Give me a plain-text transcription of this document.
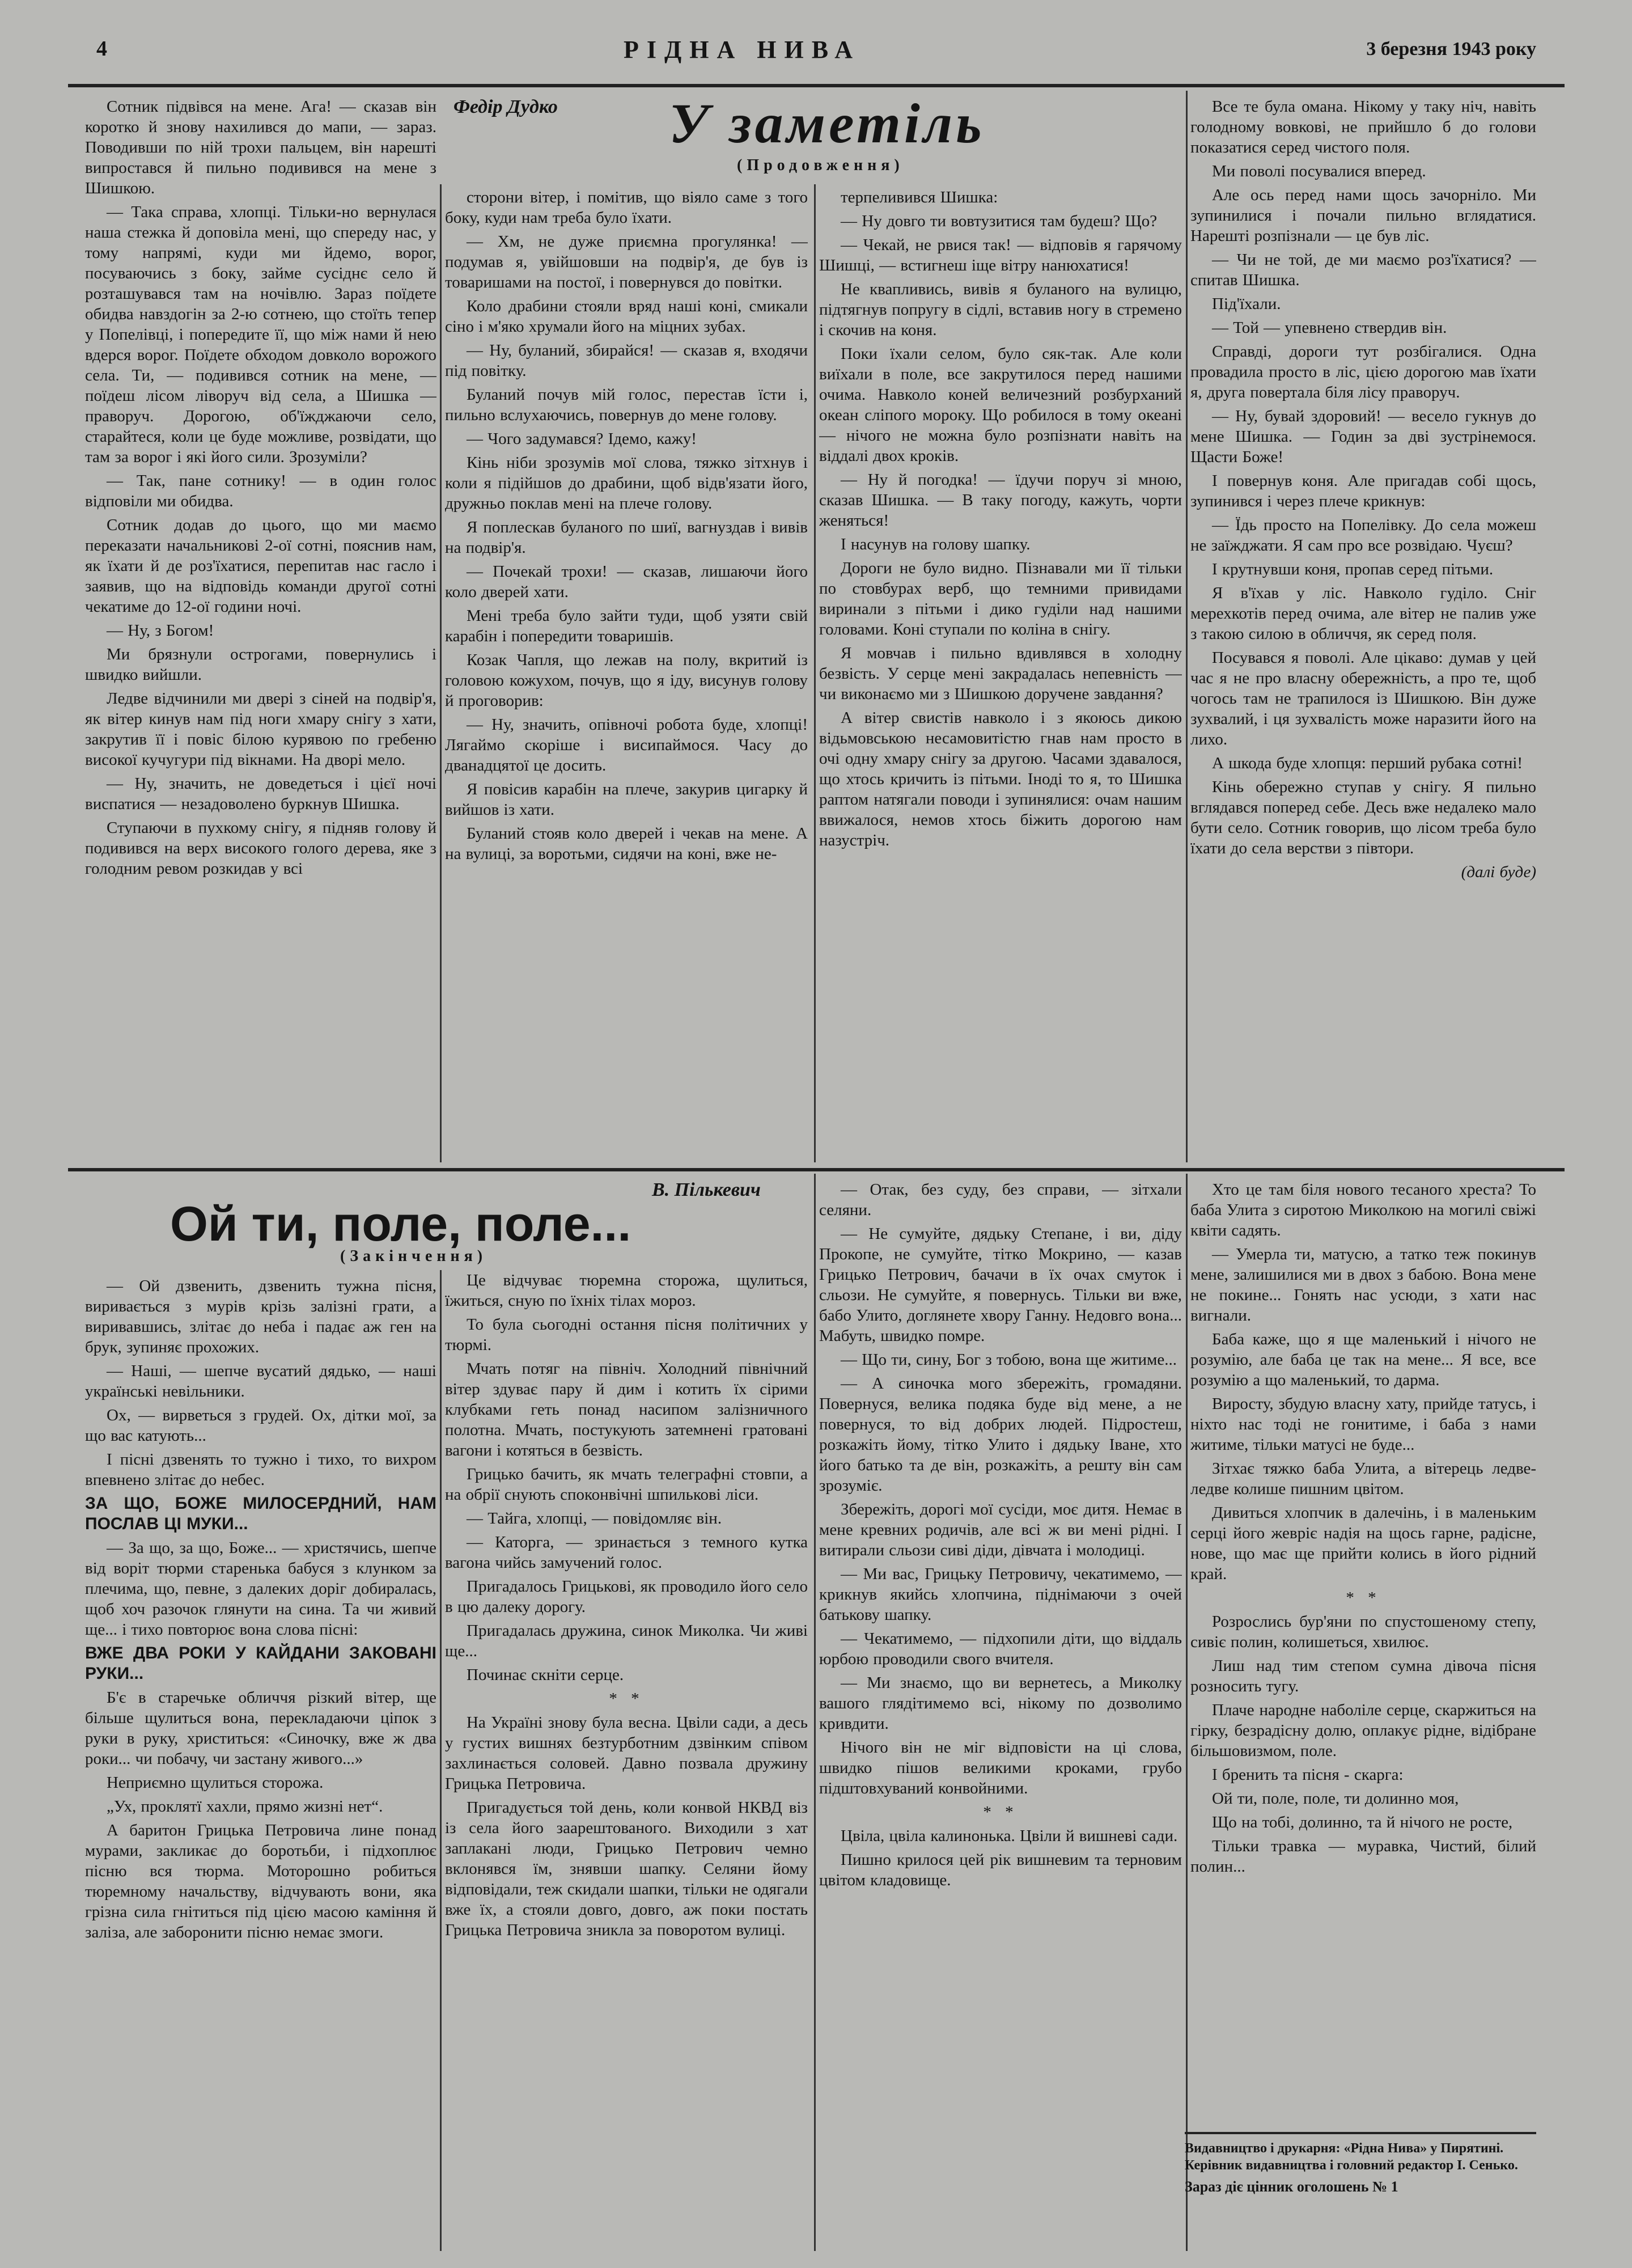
4	РІДНА НИВА	3 березня 1943 року
Федір Дудко У заметіль
(Продовження)

Сотник підвівся на мене. Ага! — сказав він коротко й знову нахилився до мапи, — зараз. Поводивши по ній трохи пальцем, він нарешті випростався й пильно подивився на мене з Шишкою.

— Така справа, хлопці. Тільки-но вернулася наша стежка й доповіла мені, що спереду нас, у тому напрямі, куди ми йдемо, ворог, посуваючись з боку, займе сусіднє село й розташувався там на ночівлю. Зараз поїдете обидва навздогін за 2-ю сотнею, що стоїть тепер у Попелівці, і попередите її, що між нами й нею вдерся ворог. Поїдете обходом довколо ворожого села. Ти, — подивився сотник на мене, — поїдеш лісом ліворуч від села, а Шишка — праворуч. Дорогою, об'їжджаючи село, старайтеся, коли це буде можливе, розвідати, що там за ворог і які його сили. Зрозуміли?

— Так, пане сотнику! — в один голос відповіли ми обидва.

Сотник додав до цього, що ми маємо переказати начальникові 2-ої сотні, пояснив нам, як їхати й де роз'їхатися, перепитав нас гасло і заявив, що на відповідь команди другої сотні чекатиме до 12-ої години ночі.

— Ну, з Богом!

Ми брязнули острогами, повернулись і швидко вийшли.

Ледве відчинили ми двері з сіней на подвір'я, як вітер кинув нам під ноги хмару снігу з хати, закрутив її і повіс білою курявою по гребеню високої кучугури під вікнами. На дворі мело.

— Ну, значить, не доведеться і цієї ночі виспатися — незадоволено буркнув Шишка.

Ступаючи в пухкому снігу, я підняв голову й подивився на верх високого голого дерева, яке з голодним ревом розкидав у всі

сторони вітер, і помітив, що віяло саме з того боку, куди нам треба було їхати.

— Хм, не дуже приємна прогулянка! — подумав я, увійшовши на подвір'я, де був із товаришами на постої, і повернувся до повітки.

Коло драбини стояли вряд наші коні, смикали сіно і м'яко хрумали його на міцних зубах.

— Ну, буланий, збирайся! — сказав я, входячи під повітку.

Буланий почув мій голос, перестав їсти і, пильно вслухаючись, повернув до мене голову.

— Чого задумався? Ідемо, кажу!

Кінь ніби зрозумів мої слова, тяжко зітхнув і коли я підійшов до драбини, щоб відв'язати його, дружньо поклав мені на плече голову.

Я поплескав буланого по шиї, вагнуздав і вивів на подвір'я.

— Почекай трохи! — сказав, лишаючи його коло дверей хати.

Мені треба було зайти туди, щоб узяти свій карабін і попередити товаришів.

Козак Чапля, що лежав на полу, вкритий із головою кожухом, почув, що я іду, висунув голову й проговорив:

— Ну, значить, опівночі робота буде, хлопці! Лягаймо скоріше і висипаймося. Часу до дванадцятої це досить.

Я повісив карабін на плече, закурив цигарку й вийшов із хати.

Буланий стояв коло дверей і чекав на мене. А на вулиці, за воротьми, сидячи на коні, вже не-

терпеливився Шишка:

— Ну довго ти вовтузитися там будеш? Що?

— Чекай, не рвися так! — відповів я гарячому Шишці, — встигнеш іще вітру нанюхатися!

Не квапливись, вивів я буланого на вулицю, підтягнув попругу в сідлі, вставив ногу в стремено і скочив на коня.

Поки їхали селом, було сяк-так. Але коли виїхали в поле, все закрутилося перед нашими очима. Навколо коней величезний розбурханий океан сліпого мороку. Що робилося в тому океані — нічого не можна було розпізнати навіть на віддалі двох кроків.

— Ну й погодка! — їдучи поруч зі мною, сказав Шишка. — В таку погоду, кажуть, чорти женяться!

І насунув на голову шапку.

Дороги не було видно. Пізнавали ми її тільки по стовбурах верб, що темними привидами виринали з пітьми і дико гуділи над нашими головами. Коні ступали по коліна в снігу.

Я мовчав і пильно вдивлявся в холодну безвість. У серце мені закрадалась непевність — чи виконаємо ми з Шишкою доручене завдання?

А вітер свистів навколо і з якоюсь дикою відьмовською несамовитістю гнав нам просто в очі одну хмару снігу за другою. Часами здавалося, що хтось кричить із пітьми. Іноді то я, то Шишка раптом натягали поводи і зупинялися: очам нашим ввижалося, немов хтось біжить дорогою нам назустріч.

Все те була омана. Нікому у таку ніч, навіть голодному вовкові, не прийшло б до голови показатися серед чистого поля.

Ми поволі посувалися вперед.

Але ось перед нами щось зачорніло. Ми зупинилися і почали пильно вглядатися. Нарешті розпізнали — це був ліс.

— Чи не той, де ми маємо роз'їхатися? — спитав Шишка.

Під'їхали.

— Той — упевнено ствердив він.

Справді, дороги тут розбігалися. Одна провадила просто в ліс, цією дорогою мав їхати я, друга повертала біля лісу праворуч.

— Ну, бувай здоровий! — весело гукнув до мене Шишка. — Годин за дві зустрінемося. Щасти Боже!

І повернув коня. Але пригадав собі щось, зупинився і через плече крикнув:

— Їдь просто на Попелівку. До села можеш не заїжджати. Я сам про все розвідаю. Чуєш?

І крутнувши коня, пропав серед пітьми.

Я в'їхав у ліс. Навколо гуділо. Сніг мерехкотів перед очима, але вітер не палив уже з такою силою в обличчя, як серед поля.

Посувався я поволі. Але цікаво: думав у цей час я не про власну обережність, а про те, щоб чогось там не трапилося із Шишкою. Він дуже зухвалий, і ця зухвалість може наразити його на лихо.

А шкода буде хлопця: перший рубака сотні!

Кінь обережно ступав у снігу. Я пильно вглядався поперед себе. Десь вже недалеко мало бути село. Сотник говорив, що лісом треба було їхати до села верстви з півтори.

(далі буде)

В. Пількевич
Ой ти, поле, поле...
(Закінчення)

— Ой дзвенить, дзвенить тужна пісня, виривається з мурів крізь залізні грати, а виривавшись, злітає до неба і падає аж ген на брук, зупиняє прохожих.

— Наші, — шепче вусатий дядько, — наші українські невільники.

Ох, — вирветься з грудей. Ох, дітки мої, за що вас катують...

І пісні дзвенять то тужно і тихо, то вихром впевнено злітає до небес.

ЗА ЩО, БОЖЕ МИЛОСЕРДНИЙ, НАМ ПОСЛАВ ЦІ МУКИ...

— За що, за що, Боже... — христячись, шепче від воріт тюрми старенька бабуся з клунком за плечима, що, певне, з далеких доріг добиралась, щоб хоч разочок глянути на сина. Та чи живий ще... і тихо повторює вона слова пісні:

ВЖЕ ДВА РОКИ У КАЙДАНИ ЗАКОВАНІ РУКИ...

Б'є в старечьке обличчя різкий вітер, ще більше щулиться вона, перекладаючи ціпок з руки в руку, христиться: «Синочку, вже ж два роки... чи побачу, чи застану живого...»

Неприємно щулиться сторожа.

„Ух, проклятї хахли, прямо жизні нет“.

А баритон Грицька Петровича лине понад мурами, закликає до боротьби, і підхоплює пісню вся тюрма. Моторошно робиться тюремному начальству, відчувають вони, яка грізна сила гнітиться під цією масою каміння й заліза, але заборонити пісню немає змоги.

Це відчуває тюремна сторожа, щулиться, їжиться, сную по їхніх тілах мороз.

То була сьогодні остання пісня політичних у тюрмі.

Мчать потяг на північ. Холодний північний вітер здуває пару й дим і котить їх сірими клубками геть понад насипом залізничного полотна. Мчать, постукують затемнені гратовані вагони і котяться в безвість.

Грицько бачить, як мчать телеграфні стовпи, а на обрії снують споконвічні шпилькові ліси.

— Тайга, хлопці, — повідомляє він.

— Каторга, — зринається з темного кутка вагона чийсь замучений голос.

Пригадалось Грицькові, як проводило його село в цю далеку дорогу.

Пригадалась дружина, синок Миколка. Чи живі ще...

Починає скніти серце.

* *

На Україні знову була весна. Цвіли сади, а десь у густих вишнях безтурботним дзвінким співом захлинається соловей. Давно позвала дружину Грицька Петровича.

Пригадується той день, коли конвой НКВД віз із села його заарештованого. Виходили з хат заплакані люди, Грицько Петрович чемно вклонявся їм, знявши шапку. Селяни йому відповідали, теж скидали шапки, тільки не одягали вже їх, а стояли довго, довго, аж поки постать Грицька Петровича зникла за поворотом вулиці.

— Отак, без суду, без справи, — зітхали селяни.

— Не сумуйте, дядьку Степане, і ви, діду Прокопе, не сумуйте, тітко Мокрино, — казав Грицько Петрович, бачачи в їх очах смуток і сльози. Не сумуйте, я повернусь. Тільки ви вже, бабо Улито, доглянете хвору Ганну. Недовго вона... Мабуть, швидко помре.

— Що ти, сину, Бог з тобою, вона ще житиме...

— А синочка мого збережіть, громадяни. Повернуся, велика подяка буде від мене, а не повернуся, то від добрих людей. Підростеш, розкажіть йому, тітко Улито і дядьку Іване, хто його батько та де він, розкажіть, а решту він сам зрозуміє.

Збережіть, дорогі мої сусіди, моє дитя. Немає в мене кревних родичів, але всі ж ви мені рідні. І витирали сльози сиві діди, дівчата і молодиці.

— Ми вас, Грицьку Петровичу, чекатимемо, — крикнув якийсь хлопчина, піднімаючи з очей батькову шапку.

— Чекатимемо, — підхопили діти, що віддаль юрбою проводили свого вчителя.

— Ми знаємо, що ви вернетесь, а Миколку вашого глядітимемо всі, нікому по дозволимо кривдити.

Нічого він не міг відповісти на ці слова, швидко пішов великими кроками, грубо підштовхуваний конвойними.

* *

Цвіла, цвіла калинонька. Цвіли й вишневі сади.

Пишно крилося цей рік вишневим та терновим цвітом кладовище.

Хто це там біля нового тесаного хреста? То баба Улита з сиротою Миколкою на могилі свіжі квіти садять.

— Умерла ти, матусю, а татко теж покинув мене, залишилися ми в двох з бабою. Вона мене не покине... Гонять нас усюди, з хати нас вигнали.

Баба каже, що я ще маленький і нічого не розумію, але баба це так на мене... Я все, все розумію а що маленький, то дарма.

Виросту, збудую власну хату, прийде татусь, і ніхто нас тоді не гонитиме, і баба з нами житиме, тільки матусі не буде...

Зітхає тяжко баба Улита, а вітерець ледве-ледве колише пишним цвітом.

Дивиться хлопчик в далечінь, і в маленьким серці його жевріє надія на щось гарне, радісне, нове, що має ще прийти колись в його рідний край.

* *

Розрослись бур'яни по спустошеному степу, сивіє полин, колишеться, хвилює.

Лиш над тим степом сумна дівоча пісня розносить тугу.

Плаче народне наболіле серце, скаржиться на гірку, безрадісну долю, оплакує рідне, відібране більшовизмом, поле.

І бренить та пісня - скарга:

Ой ти, поле, поле, ти долинно моя,

Що на тобі, долинно, та й нічого не росте,

Тільки травка — муравка, Чистий, білий полин...

Видавництво і друкарня: «Рідна Нива» у Пирятині. Керівник видавництва і головний редактор І. Сенько.
Зараз діє цінник оголошень № 1
